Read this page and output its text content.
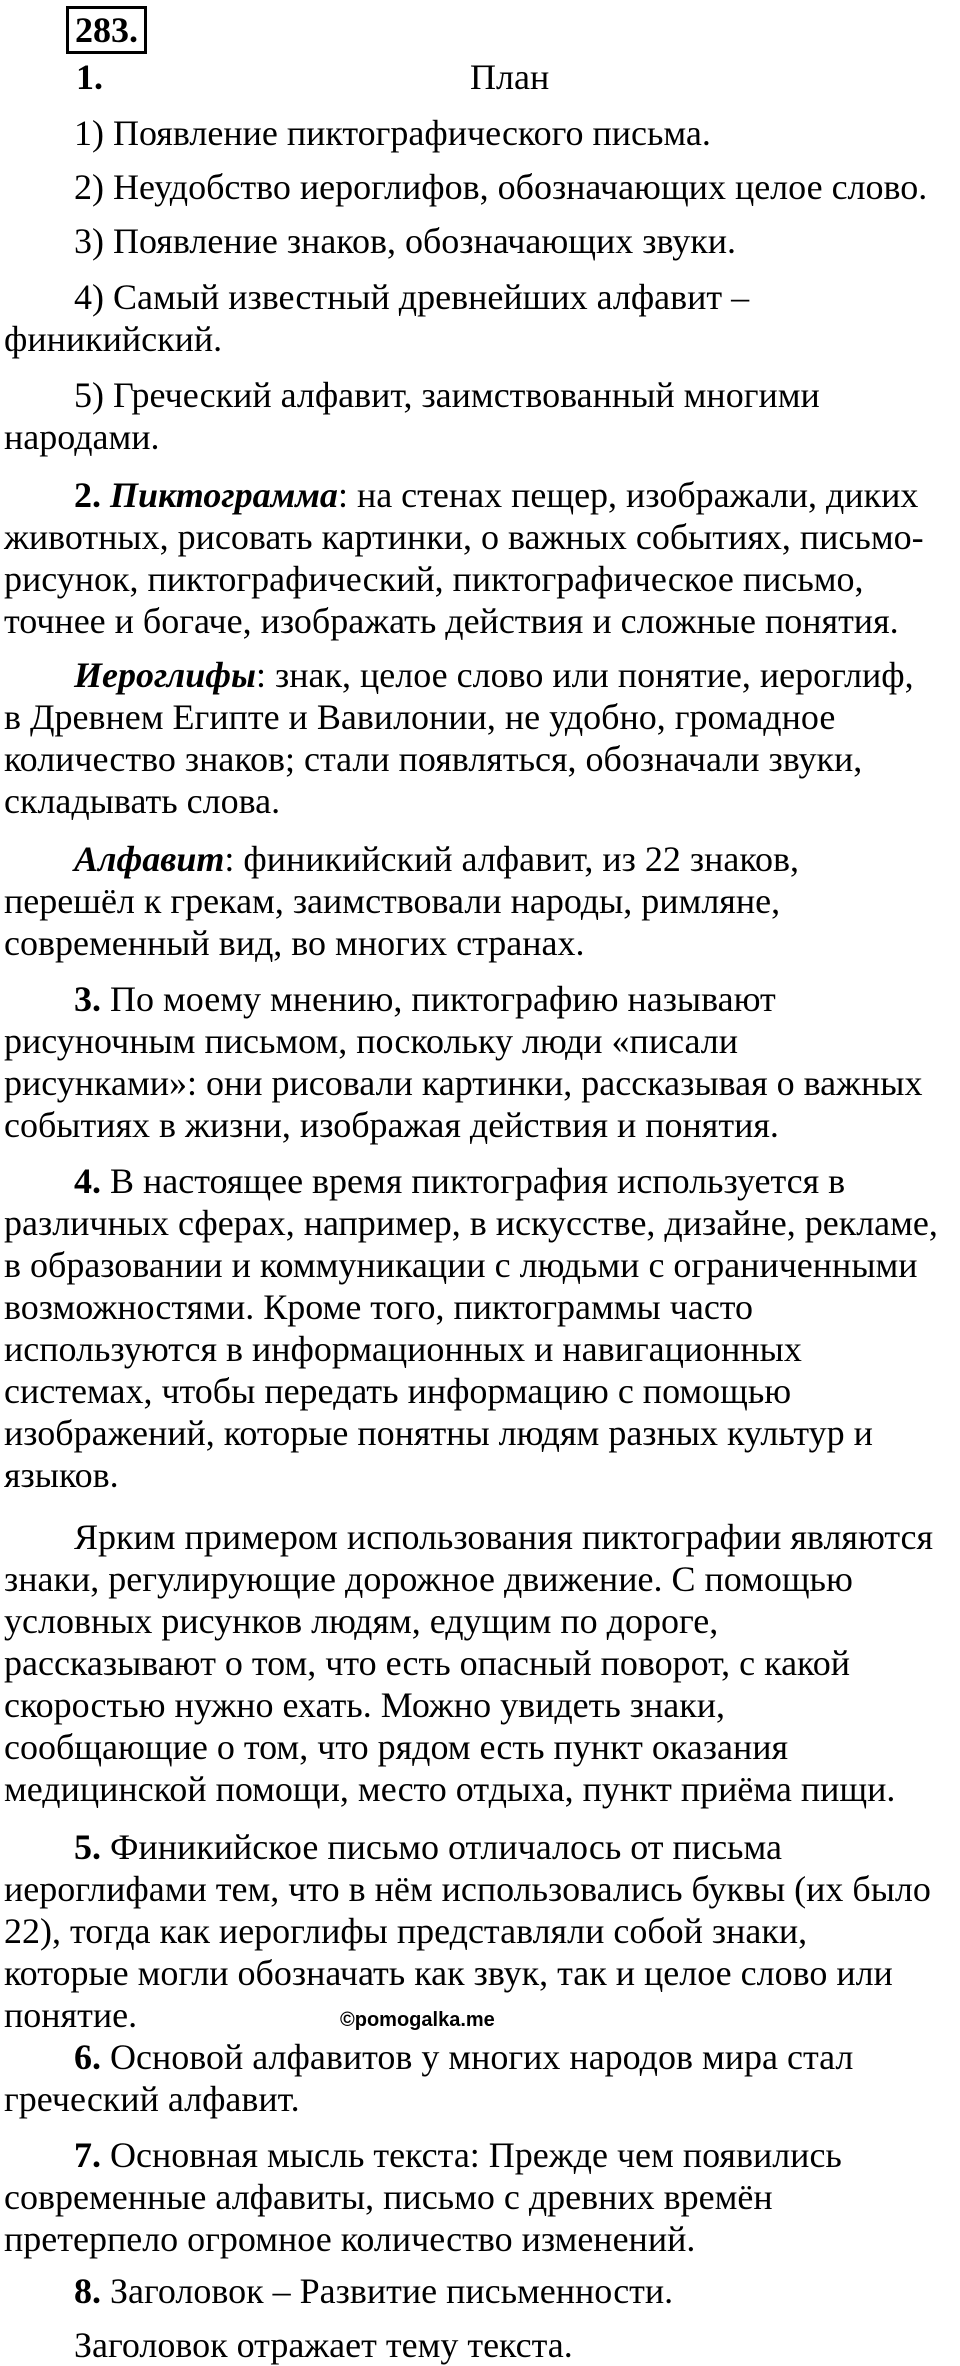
283.
1.	План

1) Появление пиктографического письма.

2) Неудобство иероглифов, обозначающих целое слово.

3) Появление знаков, обозначающих звуки.

4) Самый известный древнейших алфавит –
финикийский.

5) Греческий алфавит, заимствованный многими
народами.

2. Пиктограмма: на стенах пещер, изображали, диких
животных, рисовать картинки, о важных событиях, письмо-
рисунок, пиктографический, пиктографическое письмо,
точнее и богаче, изображать действия и сложные понятия.

Иероглифы: знак, целое слово или понятие, иероглиф,
в Древнем Египте и Вавилонии, не удобно, громадное
количество знаков; стали появляться, обозначали звуки,
складывать слова.

Алфавит: финикийский алфавит, из 22 знаков,
перешёл к грекам, заимствовали народы, римляне,
современный вид, во многих странах.

3. По моему мнению, пиктографию называют
рисуночным письмом, поскольку люди «писали
рисунками»: они рисовали картинки, рассказывая о важных
событиях в жизни, изображая действия и понятия.

4. В настоящее время пиктография используется в
различных сферах, например, в искусстве, дизайне, рекламе,
в образовании и коммуникации с людьми с ограниченными
возможностями. Кроме того, пиктограммы часто
используются в информационных и навигационных
системах, чтобы передать информацию с помощью
изображений, которые понятны людям разных культур и
языков.

Ярким примером использования пиктографии являются
знаки, регулирующие дорожное движение. С помощью
условных рисунков людям, едущим по дороге,
рассказывают о том, что есть опасный поворот, с какой
скоростью нужно ехать. Можно увидеть знаки,
сообщающие о том, что рядом есть пункт оказания
медицинской помощи, место отдыха, пункт приёма пищи.

5. Финикийское письмо отличалось от письма
иероглифами тем, что в нём использовались буквы (их было
22), тогда как иероглифы представляли собой знаки,
которые могли обозначать как звук, так и целое слово или
понятие.	©pomogalka.me

6. Основой алфавитов у многих народов мира стал
греческий алфавит.

7. Основная мысль текста: Прежде чем появились
современные алфавиты, письмо с древних времён
претерпело огромное количество изменений.

8. Заголовок – Развитие письменности.

Заголовок отражает тему текста.
